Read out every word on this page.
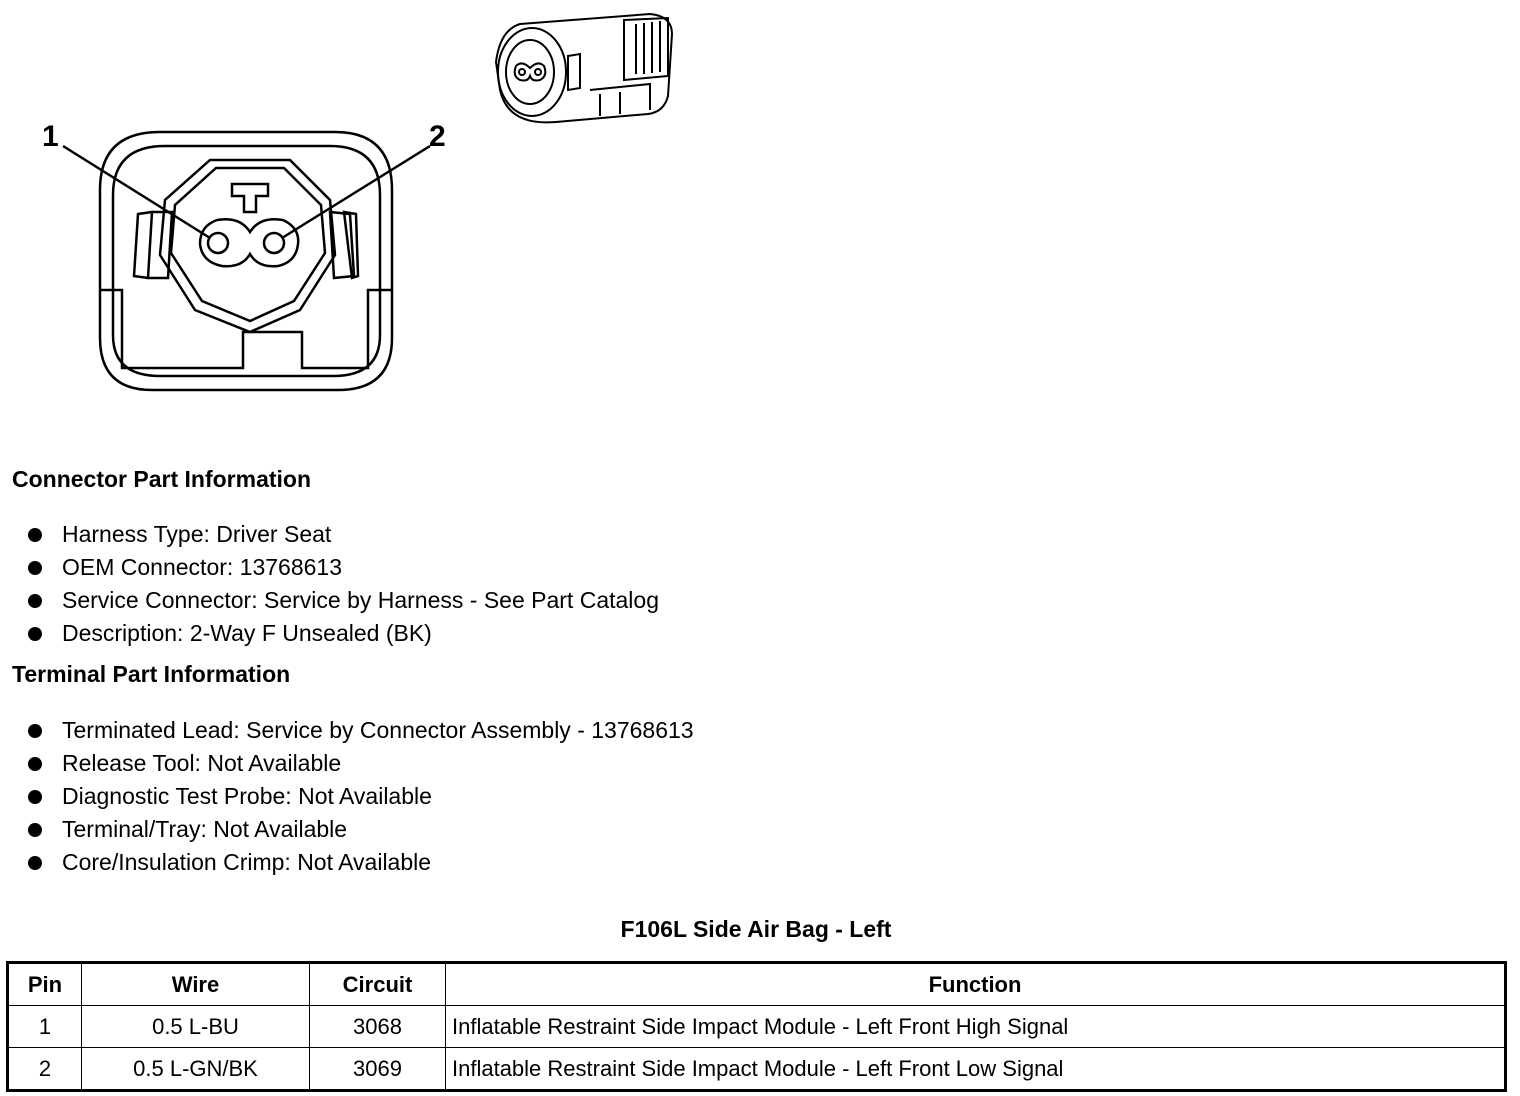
1	2
Connector Part Information
Harness Type: Driver Seat
OEM Connector: 13768613
Service Connector: Service by Harness - See Part Catalog
Description: 2-Way F Unsealed (BK)
Terminal Part Information
Terminated Lead: Service by Connector Assembly - 13768613
Release Tool: Not Available
Diagnostic Test Probe: Not Available
Terminal/Tray: Not Available
Core/Insulation Crimp: Not Available
F106L Side Air Bag - Left
Pin	Wire	Circuit	Function
1	0.5 L-BU	3068	Inflatable Restraint Side Impact Module - Left Front High Signal
2	0.5 L-GN/BK	3069	Inflatable Restraint Side Impact Module - Left Front Low Signal
